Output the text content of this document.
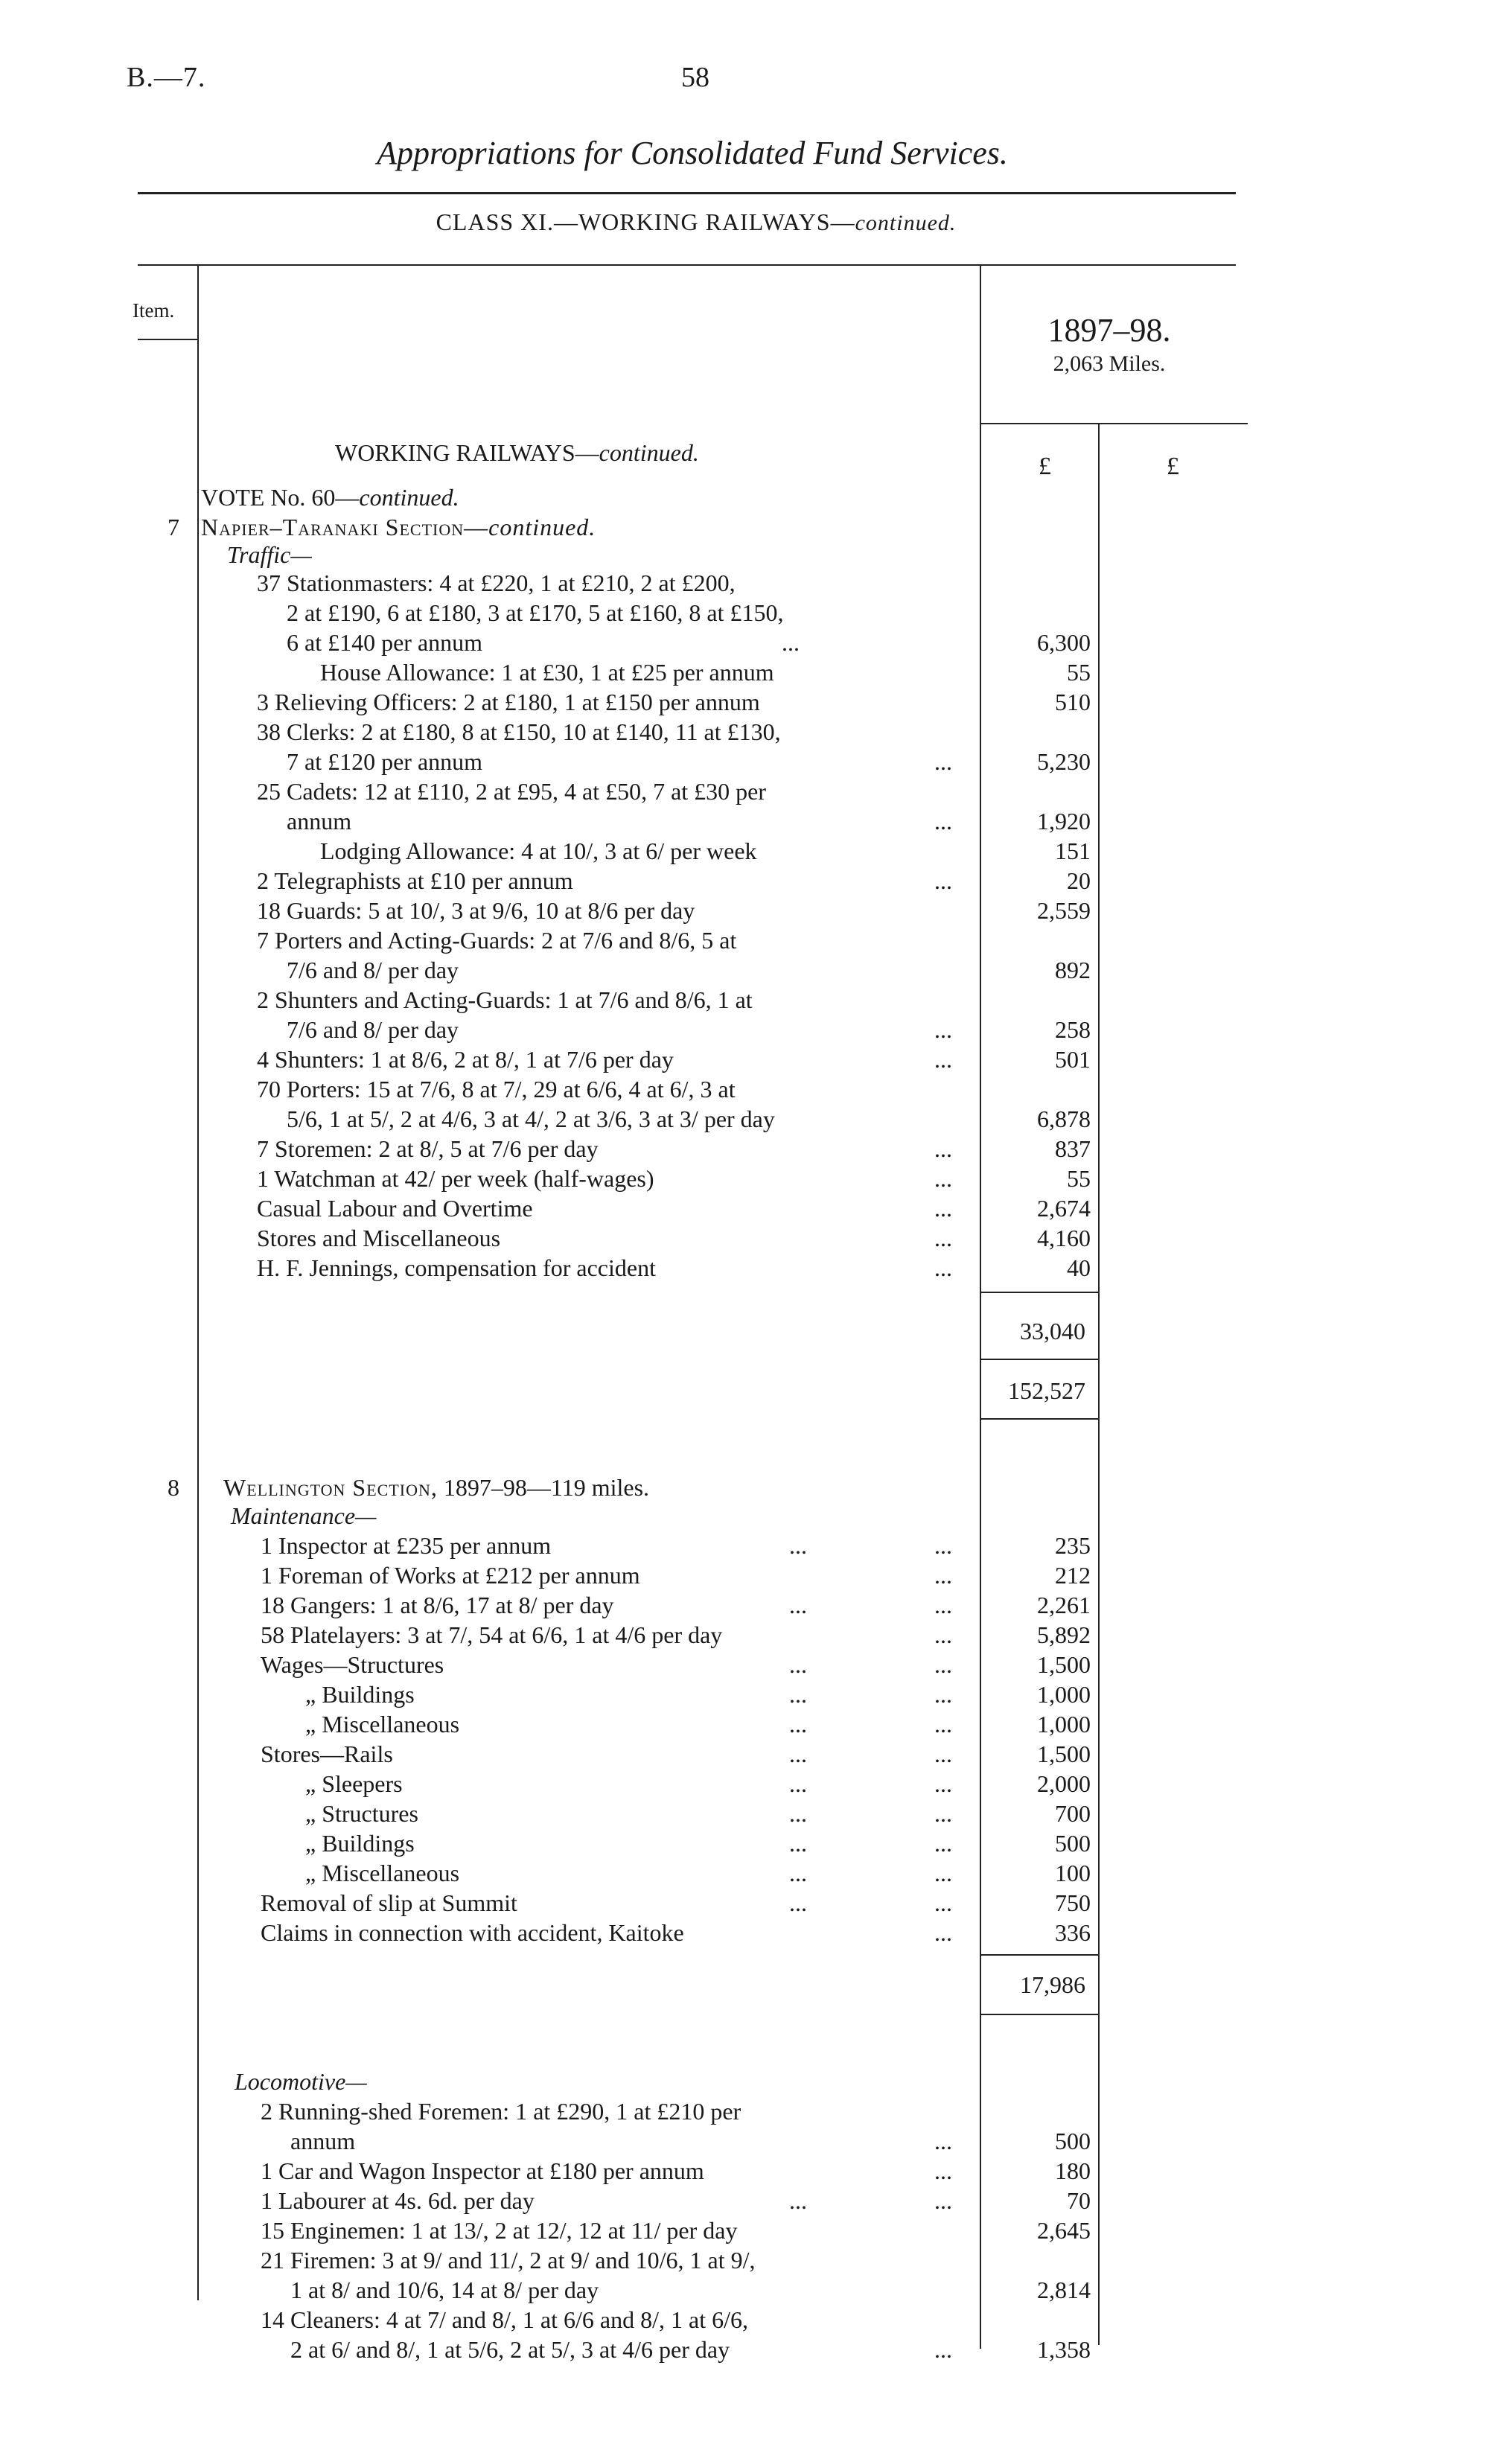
B.—7.	58
Appropriations for Consolidated Fund Services.
CLASS XI.—WORKING RAILWAYS—continued.
Item.
1897–98.
2,063 Miles.
£	£
WORKING RAILWAYS—continued.
VOTE No. 60—continued.
7 Napier–Taranaki Section—continued.
Traffic—
37 Stationmasters: 4 at £220, 1 at £210, 2 at £200,
2 at £190, 6 at £180, 3 at £170, 5 at £160, 8 at £150,
6 at £140 per annum	6,300
House Allowance: 1 at £30, 1 at £25 per annum	55
3 Relieving Officers: 2 at £180, 1 at £150 per annum	510
38 Clerks: 2 at £180, 8 at £150, 10 at £140, 11 at £130,
7 at £120 per annum	5,230
25 Cadets: 12 at £110, 2 at £95, 4 at £50, 7 at £30 per
annum	1,920
Lodging Allowance: 4 at 10/, 3 at 6/ per week	151
2 Telegraphists at £10 per annum	20
18 Guards: 5 at 10/, 3 at 9/6, 10 at 8/6 per day	2,559
7 Porters and Acting-Guards: 2 at 7/6 and 8/6, 5 at
7/6 and 8/ per day	892
2 Shunters and Acting-Guards: 1 at 7/6 and 8/6, 1 at
7/6 and 8/ per day	258
4 Shunters: 1 at 8/6, 2 at 8/, 1 at 7/6 per day	501
70 Porters: 15 at 7/6, 8 at 7/, 29 at 6/6, 4 at 6/, 3 at
5/6, 1 at 5/, 2 at 4/6, 3 at 4/, 2 at 3/6, 3 at 3/ per day	6,878
7 Storemen: 2 at 8/, 5 at 7/6 per day	837
1 Watchman at 42/ per week (half-wages)	55
Casual Labour and Overtime	2,674
Stores and Miscellaneous	4,160
H. F. Jennings, compensation for accident	40
...
...
...
...
...
...
...
...
...
...
...
33,040
152,527
8 Wellington Section, 1897–98—119 miles.
Maintenance—
1 Inspector at £235 per annum	235
1 Foreman of Works at £212 per annum	212
18 Gangers: 1 at 8/6, 17 at 8/ per day	2,261
58 Platelayers: 3 at 7/, 54 at 6/6, 1 at 4/6 per day	5,892
Wages—Structures	1,500
„ Buildings	1,000
„ Miscellaneous	1,000
Stores—Rails	1,500
„ Sleepers	2,000
„ Structures	700
„ Buildings	500
„ Miscellaneous	100
Removal of slip at Summit	750
Claims in connection with accident, Kaitoke	336
...	...
...
...	...
...
...	...
...	...
...	...
...	...
...	...
...	...
...	...
...	...
...	...
...
17,986
Locomotive—
2 Running-shed Foremen: 1 at £290, 1 at £210 per
annum	500
1 Car and Wagon Inspector at £180 per annum	180
1 Labourer at 4s. 6d. per day	70
15 Enginemen: 1 at 13/, 2 at 12/, 12 at 11/ per day	2,645
21 Firemen: 3 at 9/ and 11/, 2 at 9/ and 10/6, 1 at 9/,
1 at 8/ and 10/6, 14 at 8/ per day	2,814
14 Cleaners: 4 at 7/ and 8/, 1 at 6/6 and 8/, 1 at 6/6,
2 at 6/ and 8/, 1 at 5/6, 2 at 5/, 3 at 4/6 per day	1,358
...
...
...	...
...
